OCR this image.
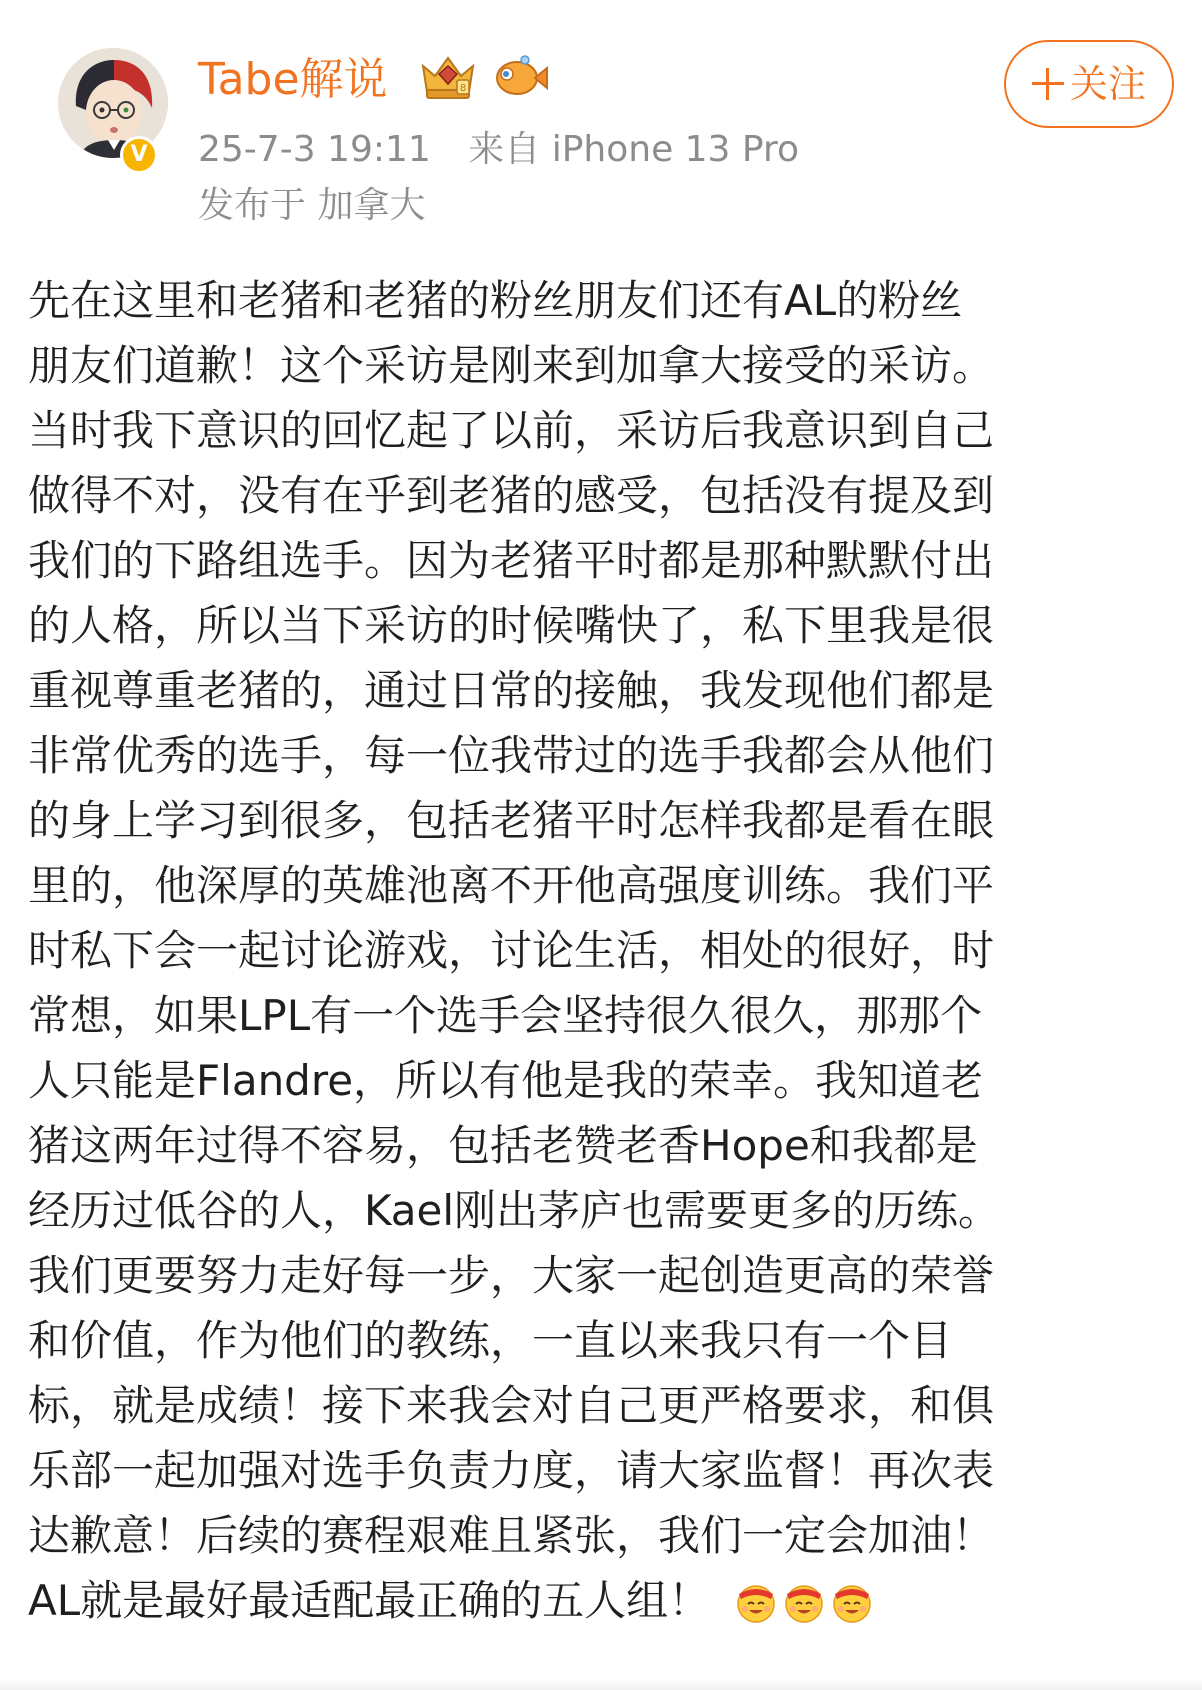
V
Tabe解说	8
25-7-3 19:11 来自 iPhone 13 Pro
发布于 加拿大
关注

先在这里和老猪和老猪的粉丝朋友们还有AL的粉丝

朋友们道歉！这个采访是刚来到加拿大接受的采访。

当时我下意识的回忆起了以前，采访后我意识到自己

做得不对，没有在乎到老猪的感受，包括没有提及到

我们的下路组选手。因为老猪平时都是那种默默付出

的人格，所以当下采访的时候嘴快了，私下里我是很

重视尊重老猪的，通过日常的接触，我发现他们都是

非常优秀的选手，每一位我带过的选手我都会从他们

的身上学习到很多，包括老猪平时怎样我都是看在眼

里的，他深厚的英雄池离不开他高强度训练。我们平

时私下会一起讨论游戏，讨论生活，相处的很好，时

常想，如果LPL有一个选手会坚持很久很久，那那个

人只能是Flandre，所以有他是我的荣幸。我知道老

猪这两年过得不容易，包括老赞老香Hope和我都是

经历过低谷的人，Kael刚出茅庐也需要更多的历练。

我们更要努力走好每一步，大家一起创造更高的荣誉

和价值，作为他们的教练，一直以来我只有一个目

标，就是成绩！接下来我会对自己更严格要求，和俱

乐部一起加强对选手负责力度，请大家监督！再次表

达歉意！后续的赛程艰难且紧张，我们一定会加油！

AL就是最好最适配最正确的五人组！
